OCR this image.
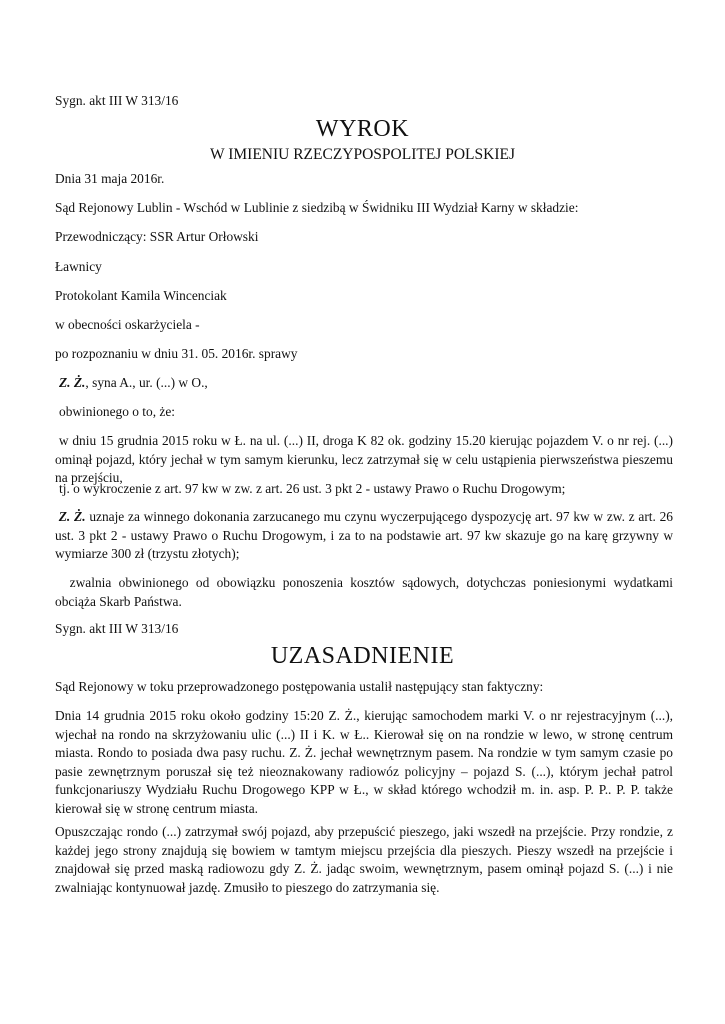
Sygn. akt III W 313/16

WYROK

W IMIENIU RZECZYPOSPOLITEJ POLSKIEJ

Dnia 31 maja 2016r.

Sąd Rejonowy Lublin - Wschód w Lublinie z siedzibą w Świdniku III Wydział Karny w składzie:

Przewodniczący: SSR Artur Orłowski

Ławnicy

Protokolant Kamila Wincenciak

w obecności oskarżyciela -

po rozpoznaniu w dniu 31. 05. 2016r. sprawy

Z. Ż., syna A., ur. (...) w O.,

obwinionego o to, że:

w dniu 15 grudnia 2015 roku w Ł. na ul. (...) II, droga K 82 ok. godziny 15.20 kierując pojazdem V. o nr rej. (...) ominął pojazd, który jechał w tym samym kierunku, lecz zatrzymał się w celu ustąpienia pierwszeństwa pieszemu na przejściu,

tj. o wykroczenie z art. 97 kw w zw. z art. 26 ust. 3 pkt 2 - ustawy Prawo o Ruchu Drogowym;

Z. Ż. uznaje za winnego dokonania zarzucanego mu czynu wyczerpującego dyspozycję art. 97 kw w zw. z art. 26 ust. 3 pkt 2 - ustawy Prawo o Ruchu Drogowym, i za to na podstawie art. 97 kw skazuje go na karę grzywny w wymiarze 300 zł (trzystu złotych);

zwalnia obwinionego od obowiązku ponoszenia kosztów sądowych, dotychczas poniesionymi wydatkami obciąża Skarb Państwa.

Sygn. akt III W 313/16

UZASADNIENIE

Sąd Rejonowy w toku przeprowadzonego postępowania ustalił następujący stan faktyczny:

Dnia 14 grudnia 2015 roku około godziny 15:20 Z. Ż., kierując samochodem marki V. o nr rejestracyjnym (...), wjechał na rondo na skrzyżowaniu ulic (...) II i K. w Ł.. Kierował się on na rondzie w lewo, w stronę centrum miasta. Rondo to posiada dwa pasy ruchu. Z. Ż. jechał wewnętrznym pasem. Na rondzie w tym samym czasie po pasie zewnętrznym poruszał się też nieoznakowany radiowóz policyjny – pojazd S. (...), którym jechał patrol funkcjonariuszy Wydziału Ruchu Drogowego KPP w Ł., w skład którego wchodził m. in. asp. P. P.. P. P. także kierował się w stronę centrum miasta.

Opuszczając rondo (...) zatrzymał swój pojazd, aby przepuścić pieszego, jaki wszedł na przejście. Przy rondzie, z każdej jego strony znajdują się bowiem w tamtym miejscu przejścia dla pieszych. Pieszy wszedł na przejście i znajdował się przed maską radiowozu gdy Z. Ż. jadąc swoim, wewnętrznym, pasem ominął pojazd S. (...) i nie zwalniając kontynuował jazdę. Zmusiło to pieszego do zatrzymania się.
